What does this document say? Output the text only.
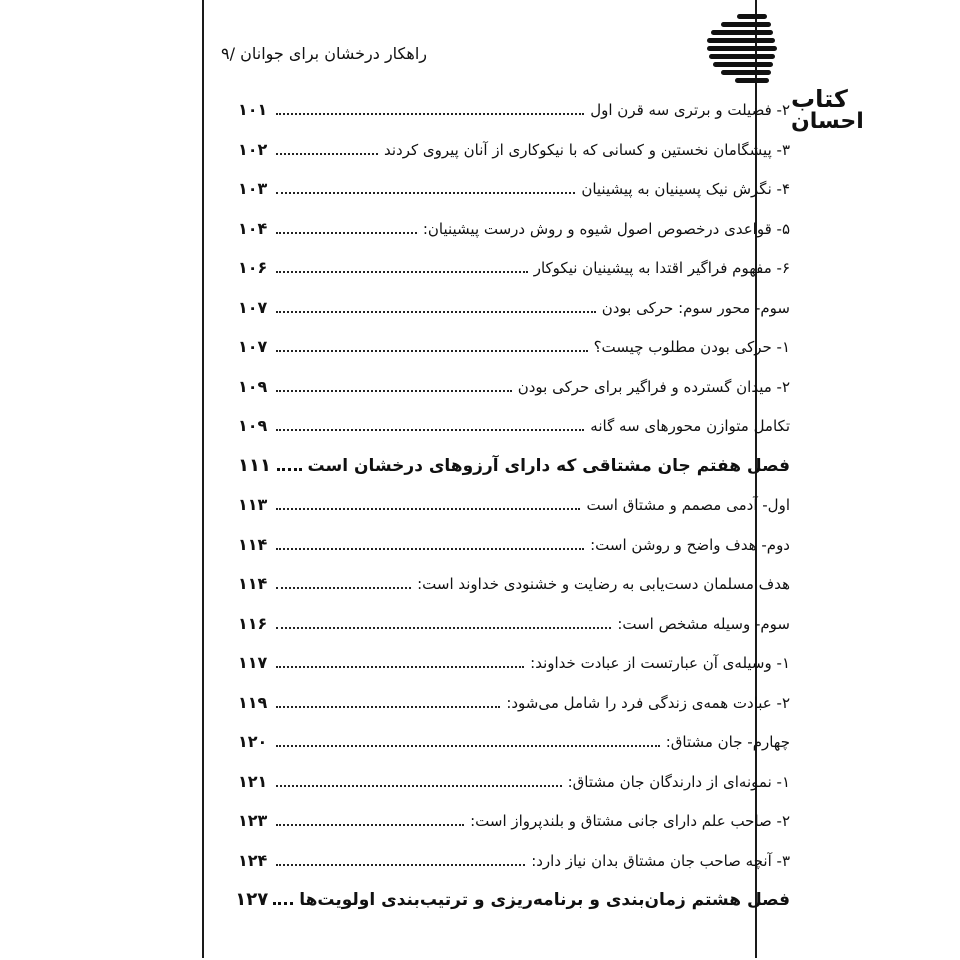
کتاب
احسان
راهکار درخشان برای جوانان /۹
۲- فضیلت و برتری سه قرن اول
۱۰۱
۳- پیشگامان نخستین و کسانی که با نیکوکاری از آنان پیروی کردند
۱۰۲
۴- نگرش نیک پسینیان به پیشینیان
۱۰۳
۵- قواعدی درخصوص اصول شیوه و روش درست پیشینیان:
۱۰۴
۶- مفهوم فراگیر اقتدا به پیشینیان نیکوکار
۱۰۶
سوم- محور سوم: حرکی بودن
۱۰۷
۱- حرکی بودن مطلوب چیست؟
۱۰۷
۲- میدان گسترده و فراگیر برای حرکی بودن
۱۰۹
تکامل متوازن محورهای سه گانه
۱۰۹
فصل هفتم جان مشتاقی که دارای آرزوهای درخشان است
۱۱۱
اول- آدمی مصمم و مشتاق است
۱۱۳
دوم- هدف واضح و روشن است:
۱۱۴
هدف مسلمان دست‌یابی به رضایت و خشنودی خداوند است:
۱۱۴
سوم- وسیله مشخص است:
۱۱۶
۱- وسیله‌ی آن عبارتست از عبادت خداوند:
۱۱۷
۲- عبادت همه‌ی زندگی فرد را شامل می‌شود:
۱۱۹
چهارم- جان مشتاق:
۱۲۰
۱- نمونه‌ای از دارندگان جان مشتاق:
۱۲۱
۲- صاحب علم دارای جانی مشتاق و بلندپرواز است:
۱۲۳
۳- آنچه صاحب جان مشتاق بدان نیاز دارد:
۱۲۴
فصل هشتم زمان‌بندی و برنامه‌ریزی و ترتیب‌بندی اولویت‌ها
۱۲۷
